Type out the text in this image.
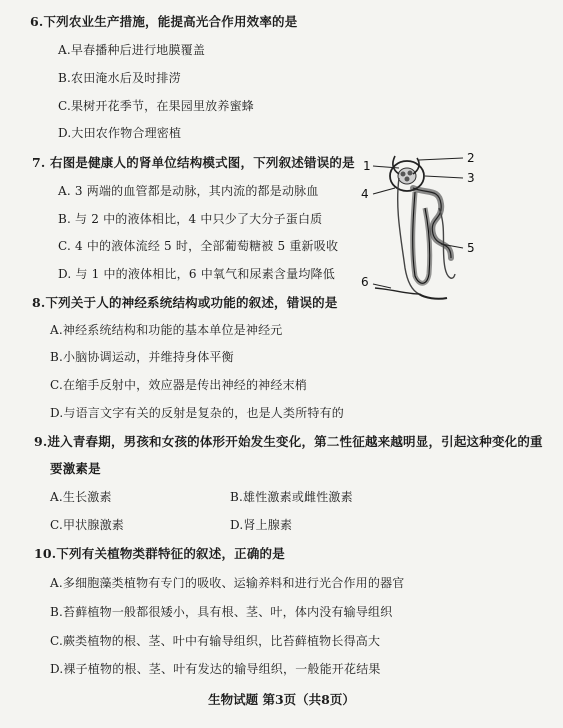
6.下列农业生产措施，能提高光合作用效率的是
A.早春播种后进行地膜覆盖
B.农田淹水后及时排涝
C.果树开花季节，在果园里放养蜜蜂
D.大田农作物合理密植
7. 右图是健康人的肾单位结构模式图，下列叙述错误的是
A. 3 两端的血管都是动脉，其内流的都是动脉血
B. 与 2 中的液体相比，4 中只少了大分子蛋白质
C. 4 中的液体流经 5 时，全部葡萄糖被 5 重新吸收
D. 与 1 中的液体相比，6 中氧气和尿素含量均降低
1
2
3
4
5
6
8.下列关于人的神经系统结构或功能的叙述，错误的是
A.神经系统结构和功能的基本单位是神经元
B.小脑协调运动，并维持身体平衡
C.在缩手反射中，效应器是传出神经的神经末梢
D.与语言文字有关的反射是复杂的，也是人类所特有的
9.进入青春期，男孩和女孩的体形开始发生变化，第二性征越来越明显，引起这种变化的重
要激素是
A.生长激素	B.雄性激素或雌性激素
C.甲状腺激素	D.肾上腺素
10.下列有关植物类群特征的叙述，正确的是
A.多细胞藻类植物有专门的吸收、运输养料和进行光合作用的器官
B.苔藓植物一般都很矮小，具有根、茎、叶，体内没有输导组织
C.蕨类植物的根、茎、叶中有输导组织，比苔藓植物长得高大
D.裸子植物的根、茎、叶有发达的输导组织，一般能开花结果
生物试题 第3页（共8页）
